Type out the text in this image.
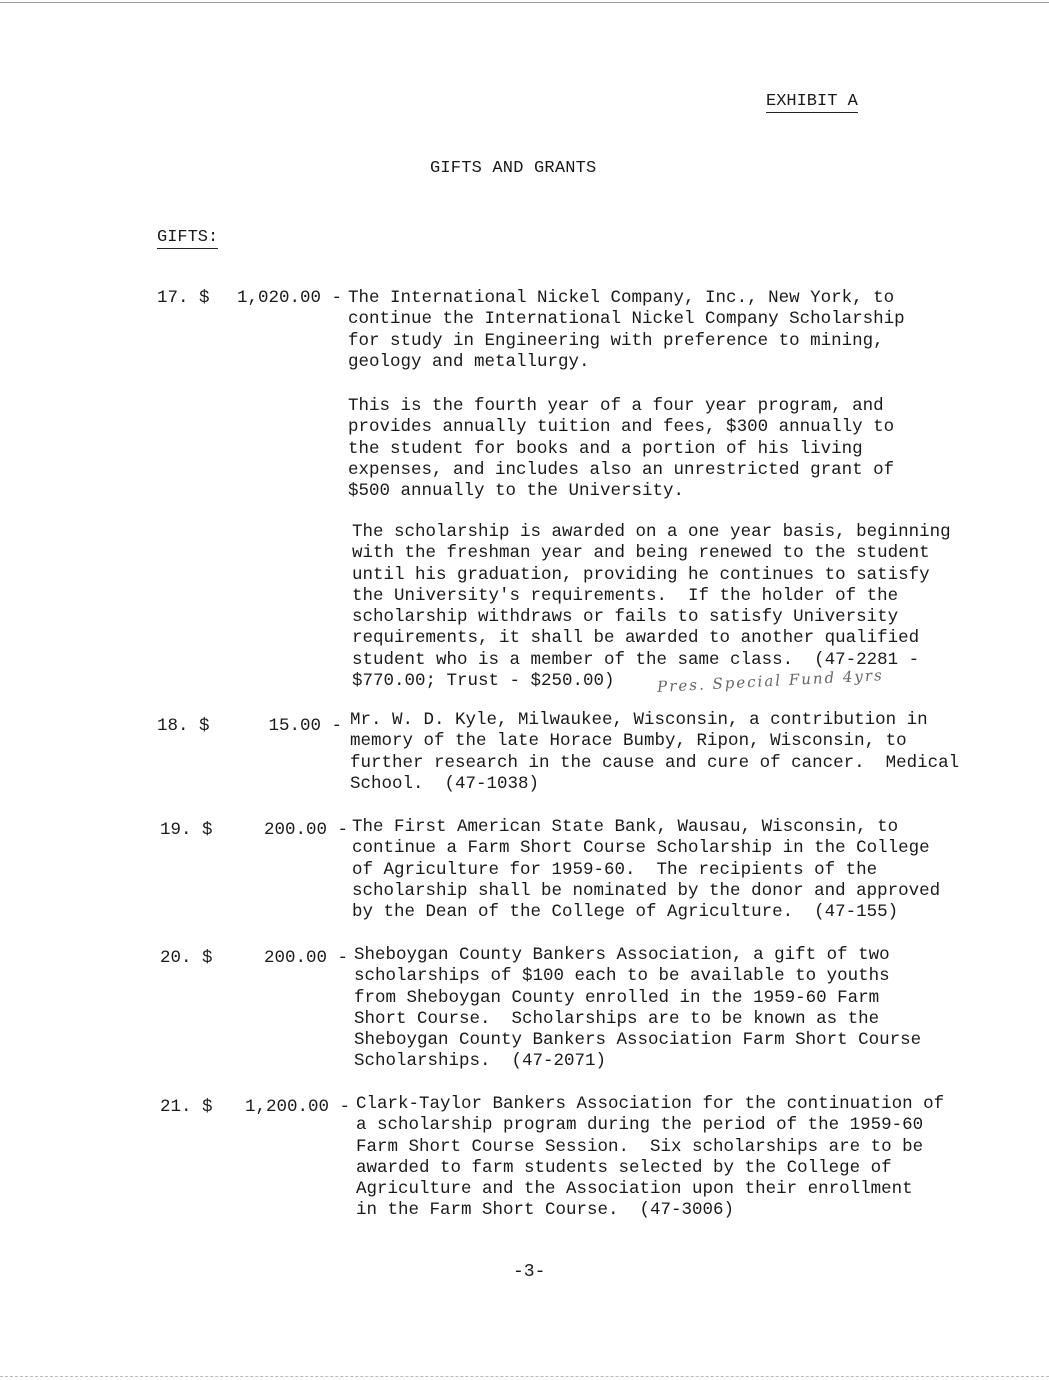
EXHIBIT A
GIFTS AND GRANTS
GIFTS:
17. $	1,020.00 - The International Nickel Company, Inc., New York, to
continue the International Nickel Company Scholarship
for study in Engineering with preference to mining,
geology and metallurgy.
This is the fourth year of a four year program, and
provides annually tuition and fees, $300 annually to
the student for books and a portion of his living
expenses, and includes also an unrestricted grant of
$500 annually to the University.
The scholarship is awarded on a one year basis, beginning
with the freshman year and being renewed to the student
until his graduation, providing he continues to satisfy
the University's requirements.  If the holder of the
scholarship withdraws or fails to satisfy University
requirements, it shall be awarded to another qualified
student who is a member of the same class.  (47-2281 -
$770.00; Trust - $250.00)	Pres. Special Fund 4yrs
18. $	15.00 - Mr. W. D. Kyle, Milwaukee, Wisconsin, a contribution in
memory of the late Horace Bumby, Ripon, Wisconsin, to
further research in the cause and cure of cancer.  Medical
School.  (47-1038)
19. $	200.00 - The First American State Bank, Wausau, Wisconsin, to
continue a Farm Short Course Scholarship in the College
of Agriculture for 1959-60.  The recipients of the
scholarship shall be nominated by the donor and approved
by the Dean of the College of Agriculture.  (47-155)
20. $	200.00 - Sheboygan County Bankers Association, a gift of two
scholarships of $100 each to be available to youths
from Sheboygan County enrolled in the 1959-60 Farm
Short Course.  Scholarships are to be known as the
Sheboygan County Bankers Association Farm Short Course
Scholarships.  (47-2071)
21. $	1,200.00 - Clark-Taylor Bankers Association for the continuation of
a scholarship program during the period of the 1959-60
Farm Short Course Session.  Six scholarships are to be
awarded to farm students selected by the College of
Agriculture and the Association upon their enrollment
in the Farm Short Course.  (47-3006)
-3-
